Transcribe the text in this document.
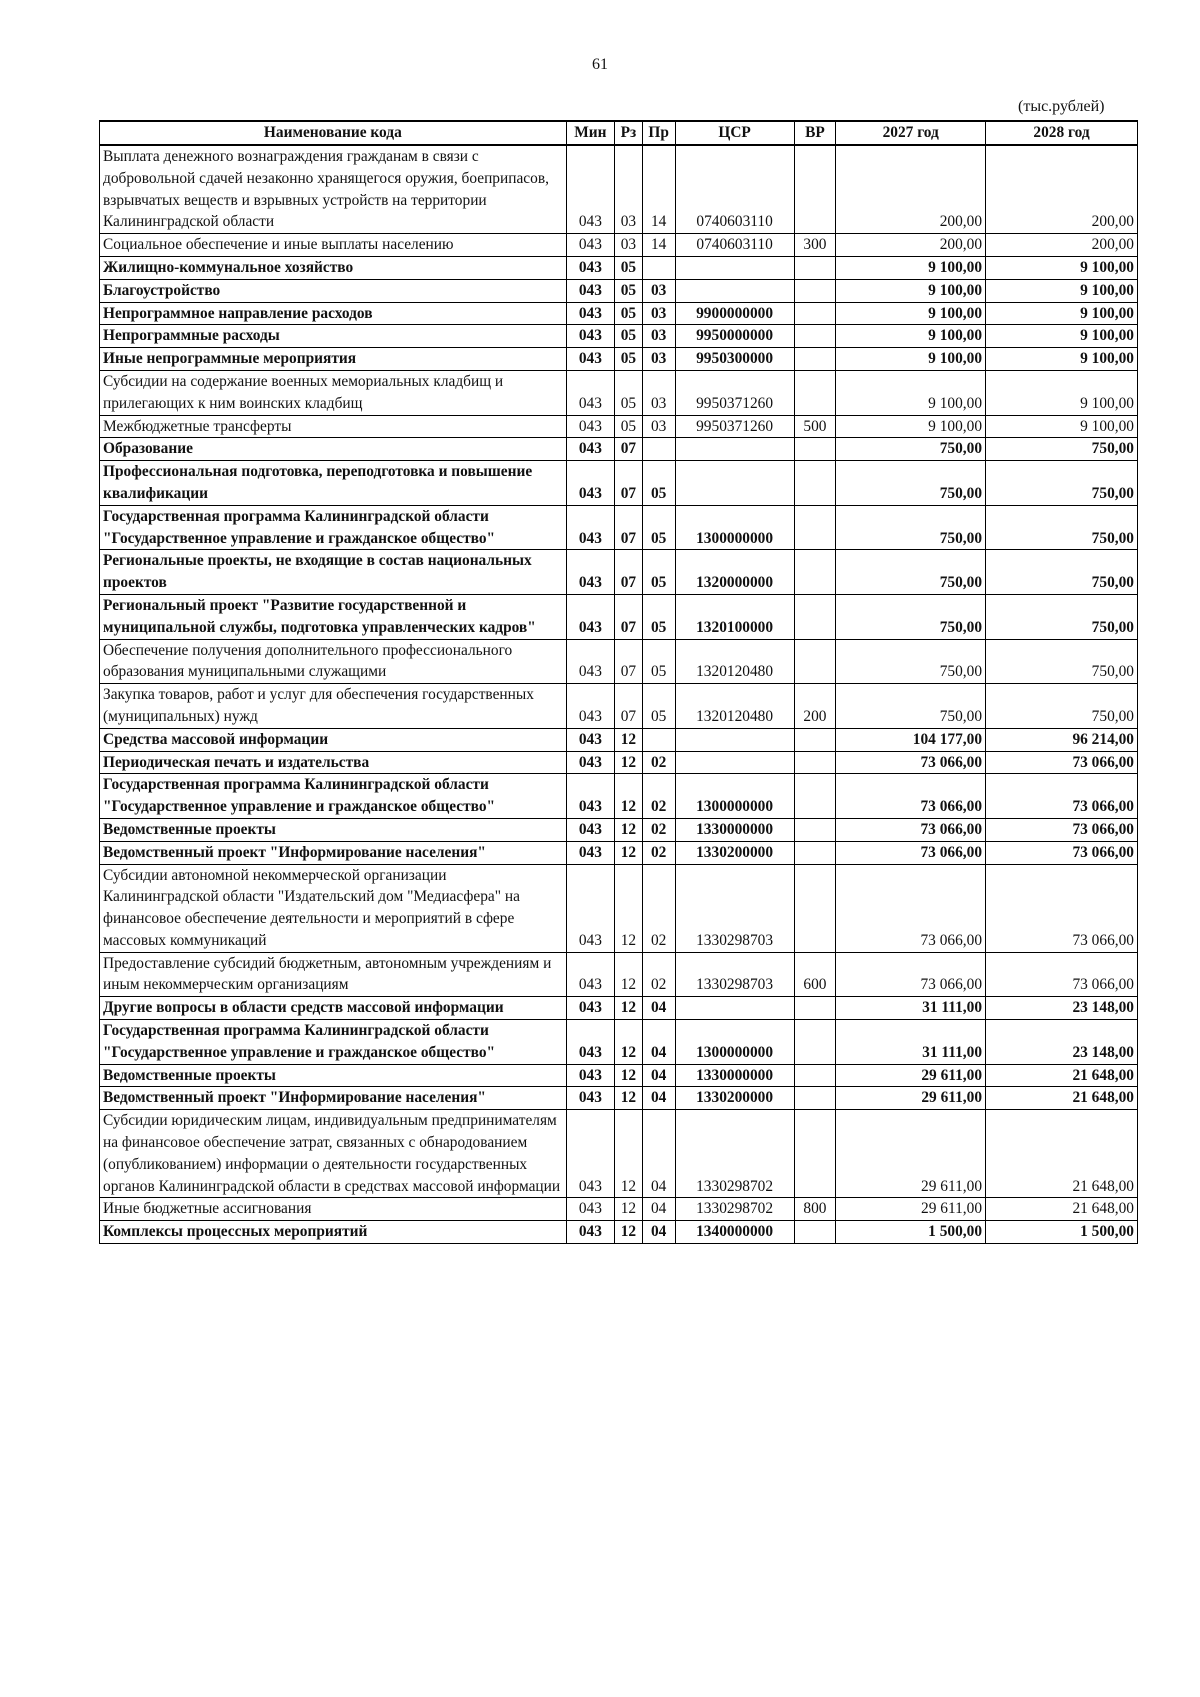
61
(тыс.рублей)
Наименование кода	Мин	Рз	Пр	ЦСР	ВР	2027 год	2028 год
Выплата денежного вознаграждения гражданам в связи с добровольной сдачей незаконно хранящегося оружия, боеприпасов, взрывчатых веществ и взрывных устройств на территории Калининградской области	043	03	14	0740603110		200,00	200,00
Социальное обеспечение и иные выплаты населению	043	03	14	0740603110	300	200,00	200,00
Жилищно-коммунальное хозяйство	043	05				9 100,00	9 100,00
Благоустройство	043	05	03			9 100,00	9 100,00
Непрограммное направление расходов	043	05	03	9900000000		9 100,00	9 100,00
Непрограммные расходы	043	05	03	9950000000		9 100,00	9 100,00
Иные непрограммные мероприятия	043	05	03	9950300000		9 100,00	9 100,00
Субсидии на содержание военных мемориальных кладбищ и прилегающих к ним воинских кладбищ	043	05	03	9950371260		9 100,00	9 100,00
Межбюджетные трансферты	043	05	03	9950371260	500	9 100,00	9 100,00
Образование	043	07				750,00	750,00
Профессиональная подготовка, переподготовка и повышение квалификации	043	07	05			750,00	750,00
Государственная программа Калининградской области "Государственное управление и гражданское общество"	043	07	05	1300000000		750,00	750,00
Региональные проекты, не входящие в состав национальных проектов	043	07	05	1320000000		750,00	750,00
Региональный проект "Развитие государственной и муниципальной службы, подготовка управленческих кадров"	043	07	05	1320100000		750,00	750,00
Обеспечение получения дополнительного профессионального образования муниципальными служащими	043	07	05	1320120480		750,00	750,00
Закупка товаров, работ и услуг для обеспечения государственных (муниципальных) нужд	043	07	05	1320120480	200	750,00	750,00
Средства массовой информации	043	12				104 177,00	96 214,00
Периодическая печать и издательства	043	12	02			73 066,00	73 066,00
Государственная программа Калининградской области "Государственное управление и гражданское общество"	043	12	02	1300000000		73 066,00	73 066,00
Ведомственные проекты	043	12	02	1330000000		73 066,00	73 066,00
Ведомственный проект "Информирование населения"	043	12	02	1330200000		73 066,00	73 066,00
Субсидии автономной некоммерческой организации Калининградской области "Издательский дом "Медиасфера" на финансовое обеспечение деятельности и мероприятий в сфере массовых коммуникаций	043	12	02	1330298703		73 066,00	73 066,00
Предоставление субсидий бюджетным, автономным учреждениям и иным некоммерческим организациям	043	12	02	1330298703	600	73 066,00	73 066,00
Другие вопросы в области средств массовой информации	043	12	04			31 111,00	23 148,00
Государственная программа Калининградской области "Государственное управление и гражданское общество"	043	12	04	1300000000		31 111,00	23 148,00
Ведомственные проекты	043	12	04	1330000000		29 611,00	21 648,00
Ведомственный проект "Информирование населения"	043	12	04	1330200000		29 611,00	21 648,00
Субсидии юридическим лицам, индивидуальным предпринимателям на финансовое обеспечение затрат, связанных с обнародованием (опубликованием) информации о деятельности государственных органов Калининградской области в средствах массовой информации	043	12	04	1330298702		29 611,00	21 648,00
Иные бюджетные ассигнования	043	12	04	1330298702	800	29 611,00	21 648,00
Комплексы процессных мероприятий	043	12	04	1340000000		1 500,00	1 500,00
